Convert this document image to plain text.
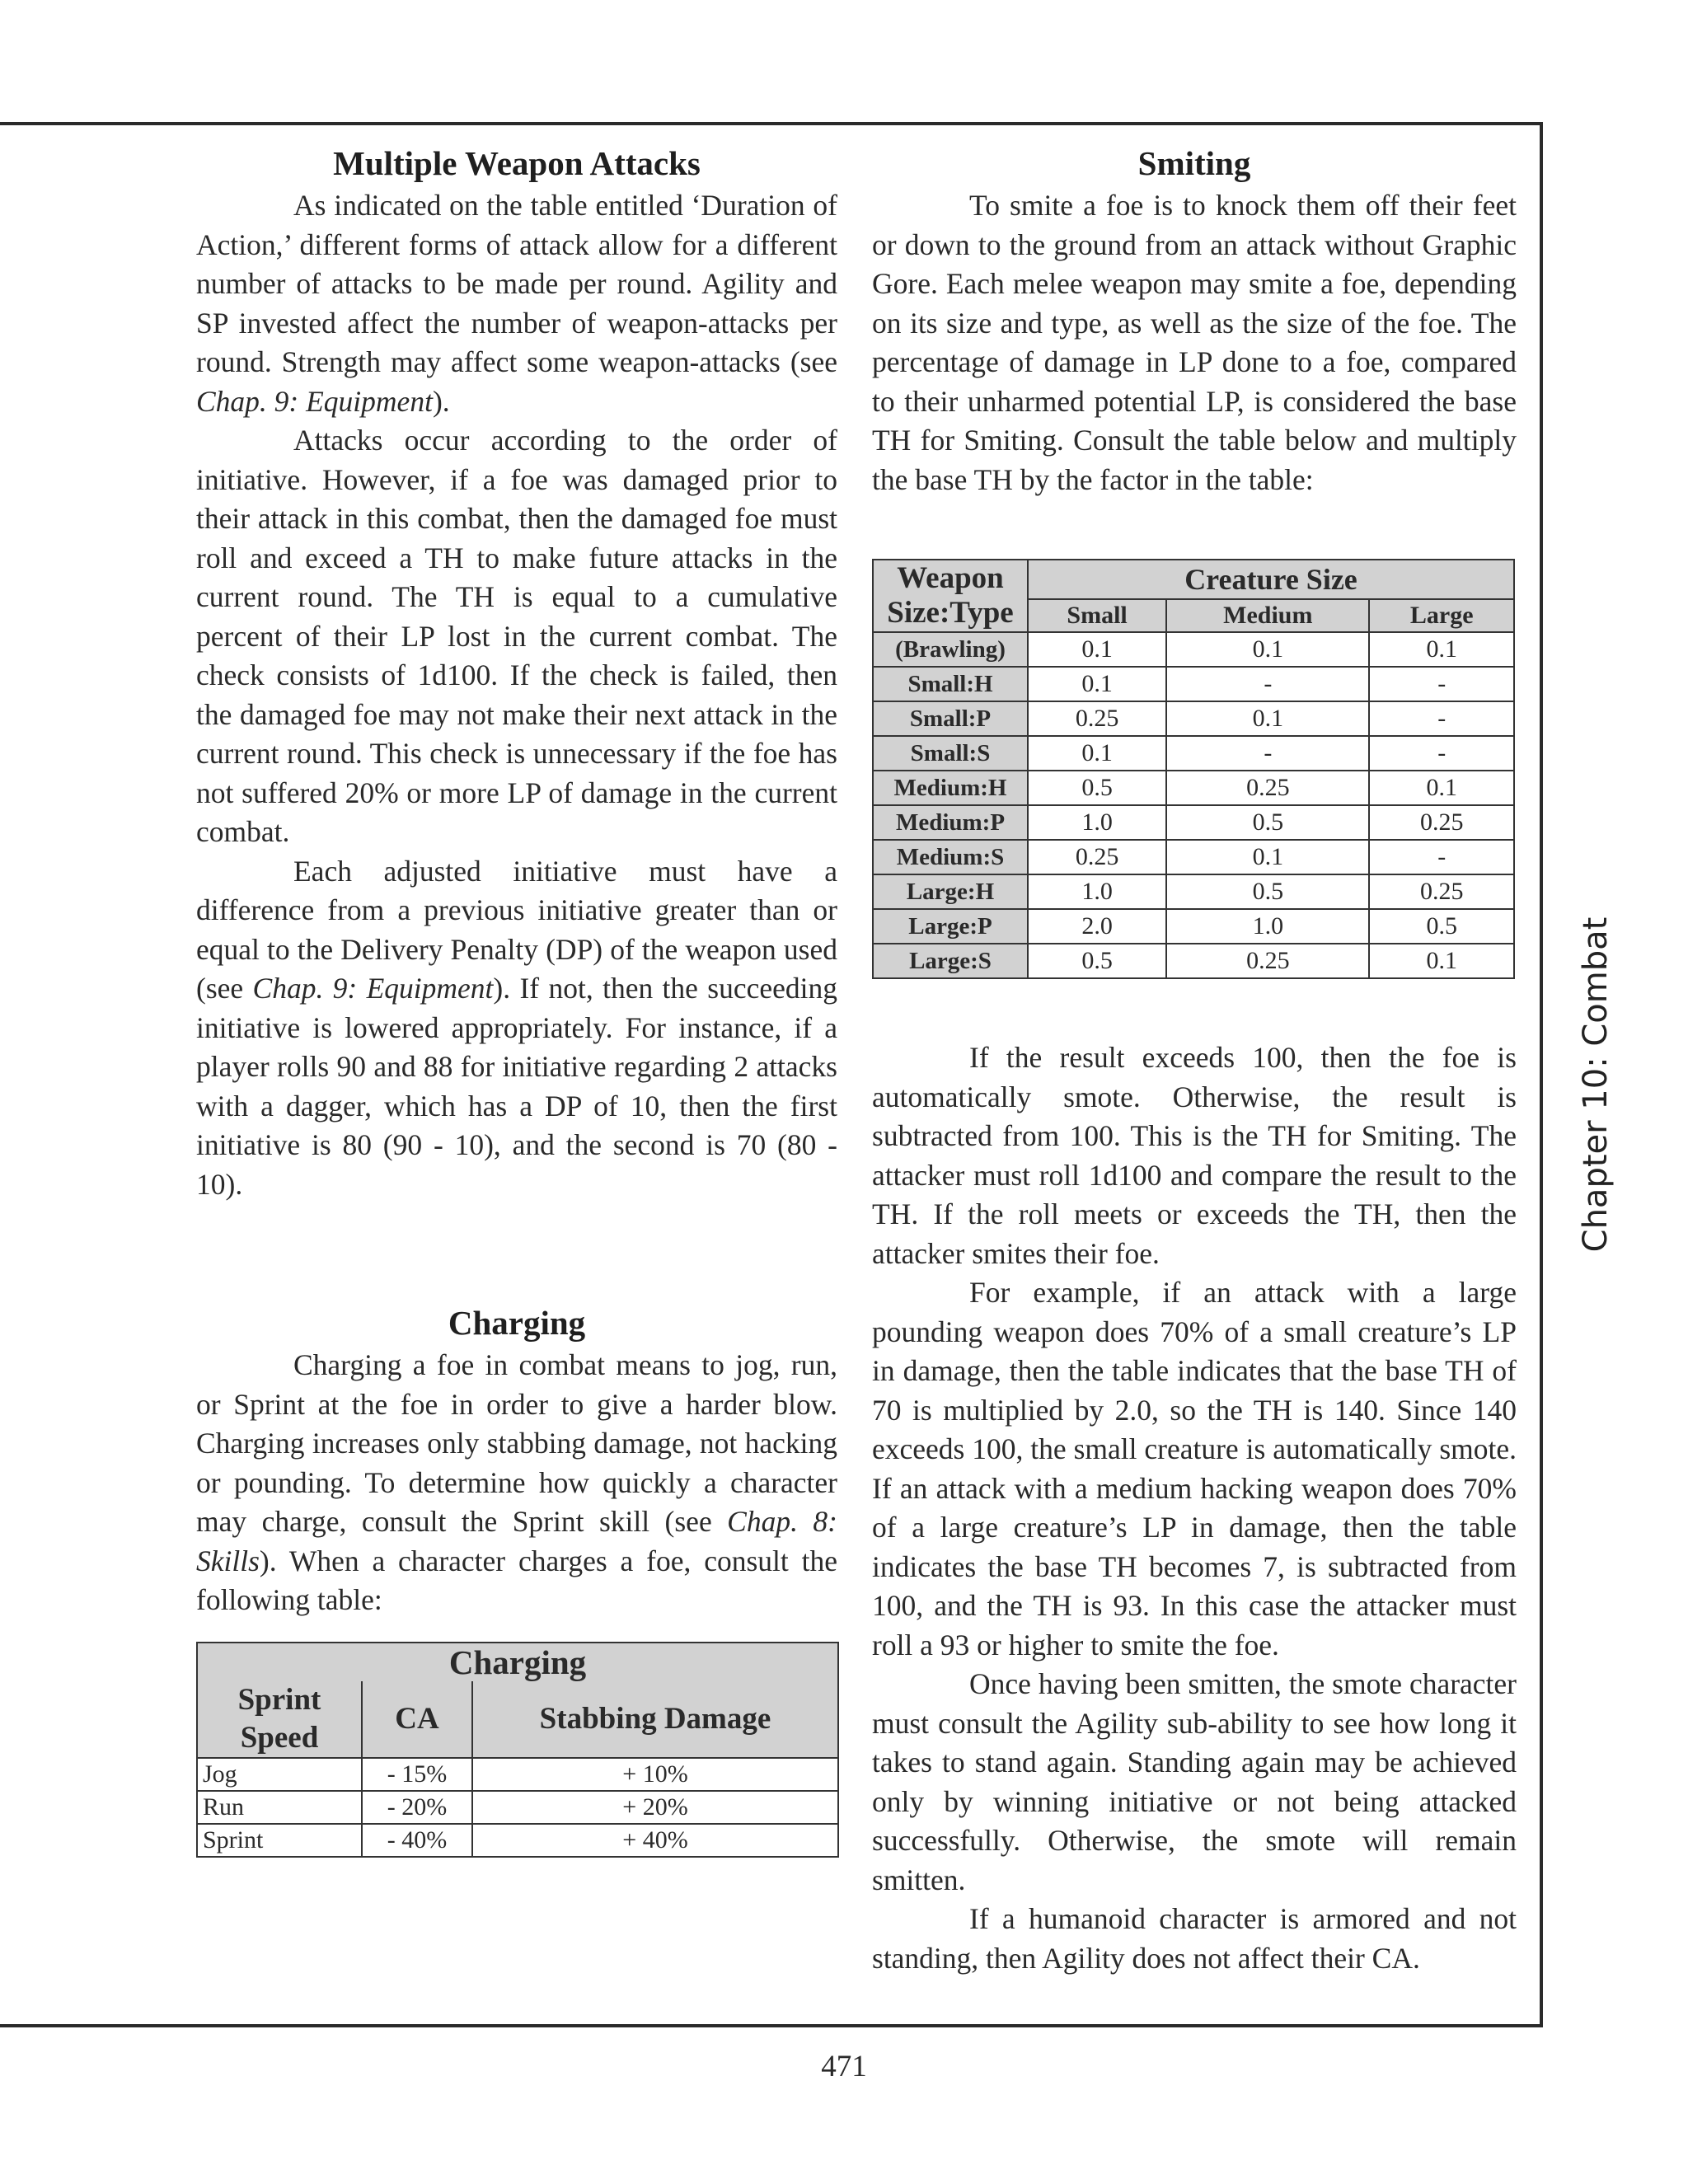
Multiple Weapon Attacks

As indicated on the table entitled ‘Duration of Action,’ different forms of attack allow for a different number of attacks to be made per round. Agility and SP invested affect the number of weapon-attacks per round. Strength may affect some weapon-attacks (see Chap. 9: Equipment).

Attacks occur according to the order of initiative. However, if a foe was damaged prior to their attack in this combat, then the damaged foe must roll and exceed a TH to make future attacks in the current round. The TH is equal to a cumulative percent of their LP lost in the current combat. The check consists of 1d100. If the check is failed, then the damaged foe may not make their next attack in the current round. This check is unnecessary if the foe has not suffered 20% or more LP of damage in the current combat.

Each adjusted initiative must have a difference from a previous initiative greater than or equal to the Delivery Penalty (DP) of the weapon used (see Chap. 9: Equipment). If not, then the succeeding initiative is lowered appropriately. For instance, if a player rolls 90 and 88 for initiative regarding 2 attacks with a dagger, which has a DP of 10, then the first initiative is 80 (90 - 10), and the second is 70 (80 - 10).

Charging

Charging a foe in combat means to jog, run, or Sprint at the foe in order to give a harder blow. Charging increases only stabbing damage, not hacking or pounding. To determine how quickly a character may charge, consult the Sprint skill (see Chap. 8: Skills). When a character charges a foe, consult the following table:

Charging		
Sprint Speed	CA	Stabbing Damage
Jog	- 15%	+ 10%
Run	- 20%	+ 20%
Sprint	- 40%	+ 40%
Smiting

To smite a foe is to knock them off their feet or down to the ground from an attack without Graphic Gore. Each melee weapon may smite a foe, depending on its size and type, as well as the size of the foe. The percentage of damage in LP done to a foe, compared to their unharmed potential LP, is considered the base TH for Smiting. Consult the table below and multiply the base TH by the factor in the table:

Weapon Size:Type	Creature Size		
	Small	Medium	Large
(Brawling)	0.1	0.1	0.1
Small:H	0.1	-	-
Small:P	0.25	0.1	-
Small:S	0.1	-	-
Medium:H	0.5	0.25	0.1
Medium:P	1.0	0.5	0.25
Medium:S	0.25	0.1	-
Large:H	1.0	0.5	0.25
Large:P	2.0	1.0	0.5
Large:S	0.5	0.25	0.1

If the result exceeds 100, then the foe is automatically smote. Otherwise, the result is subtracted from 100. This is the TH for Smiting. The attacker must roll 1d100 and compare the result to the TH. If the roll meets or exceeds the TH, then the attacker smites their foe.

For example, if an attack with a large pounding weapon does 70% of a small creature’s LP in damage, then the table indicates that the base TH of 70 is multiplied by 2.0, so the TH is 140. Since 140 exceeds 100, the small creature is automatically smote. If an attack with a medium hacking weapon does 70% of a large creature’s LP in damage, then the table indicates the base TH becomes 7, is subtracted from 100, and the TH is 93. In this case the attacker must roll a 93 or higher to smite the foe.

Once having been smitten, the smote character must consult the Agility sub-ability to see how long it takes to stand again. Standing again may be achieved only by winning initiative or not being attacked successfully. Otherwise, the smote will remain smitten.

If a humanoid character is armored and not standing, then Agility does not affect their CA.

Chapter 10: Combat
471
